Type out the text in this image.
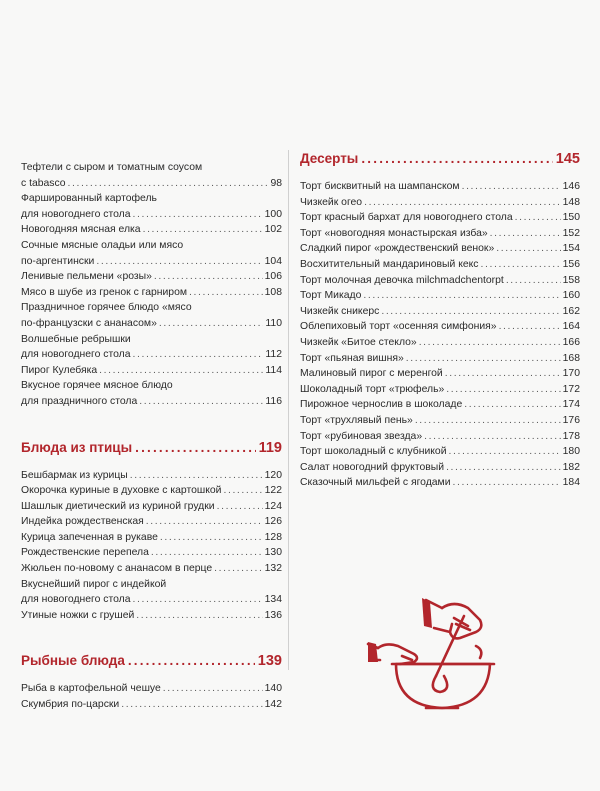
Тефтели с сыром и томатным соусом
с tabasco .....	98
Фаршированный картофель
для новогоднего стола .....	100
Новогодняя мясная елка .....	102
Сочные мясные оладьи или мясо
по-аргентински .....	104
Ленивые пельмени «розы» .....	106
Мясо в шубе из гренок с гарниром .....	108
Праздничное горячее блюдо «мясо
по-французски с ананасом» .....	110
Волшебные ребрышки
для новогоднего стола .....	112
Пирог Кулебяка .....	114
Вкусное горячее мясное блюдо
для праздничного стола .....	116
Блюда из птицы .....	119
Бешбармак из курицы .....	120
Окорочка куриные в духовке с картошкой .....	122
Шашлык диетический из куриной грудки .....	124
Индейка рождественская .....	126
Курица запеченная в рукаве .....	128
Рождественские перепела .....	130
Жюльен по-новому с ананасом в перце .....	132
Вкуснейший пирог с индейкой
для новогоднего стола .....	134
Утиные ножки с грушей .....	136
Рыбные блюда .....	139
Рыба в картофельной чешуе .....	140
Скумбрия по-царски .....	142
Десерты .....	145
Торт бисквитный на шампанском .....	146
Чизкейк огео .....	148
Торт красный бархат для новогоднего стола .....	150
Торт «новогодняя монастырская изба» .....	152
Сладкий пирог «рождественский венок» .....	154
Восхитительный мандариновый кекс .....	156
Торт молочная девочка milchmadchentorpt .....	158
Торт Микадо .....	160
Чизкейк сникерс .....	162
Облепиховый торт «осенняя симфония» .....	164
Чизкейк «Битое стекло» .....	166
Торт «пьяная вишня» .....	168
Малиновый пирог с меренгой .....	170
Шоколадный торт «трюфель» .....	172
Пирожное чернослив в шоколаде .....	174
Торт «трухлявый пень» .....	176
Торт «рубиновая звезда» .....	178
Торт шоколадный с клубникой .....	180
Салат новогодний фруктовый .....	182
Сказочный мильфей с ягодами .....	184
